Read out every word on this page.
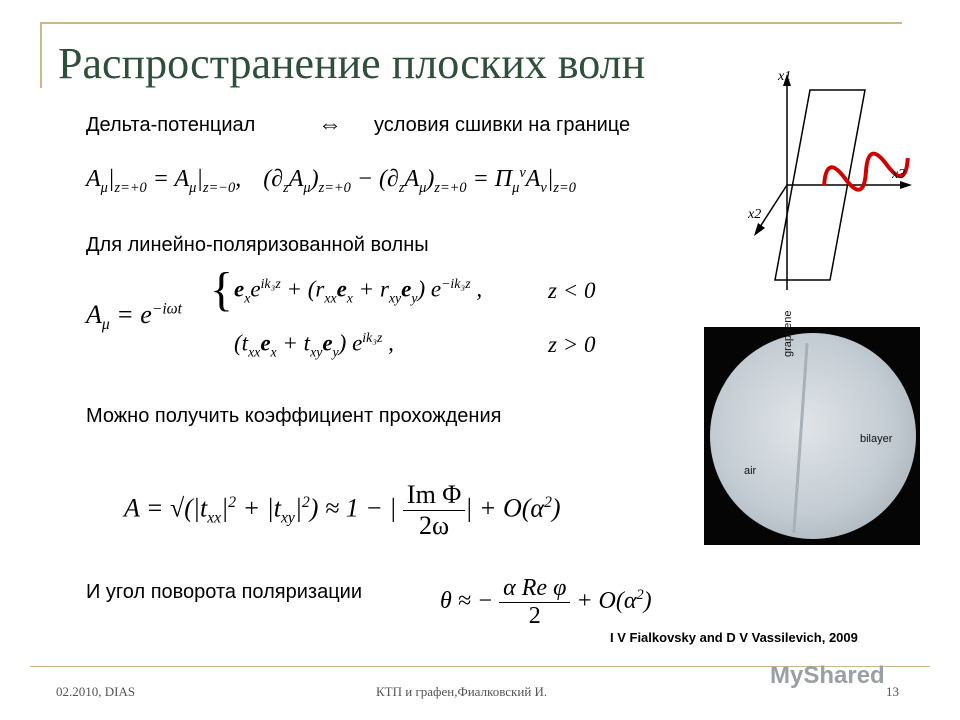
Распространение плоских волн
Дельта-потенциал	⇔ условия сшивки на границе
$A_\mu|_{z=+0} = A_\mu|_{z=-0}$, $(\partial_zA_\mu)_{z=+0} - (\partial_zA_\mu)_{z=+0} = \Pi_\mu^\nu A_\nu|_{z=0}$
Для линейно-поляризованной волны
$A_\mu = e^{-i\omega t}$ { $e_xe^{ik_3z} + (r_{xx}e_x + r_{xy}e_y)$ $e^{-ik_3z}$ ,	z < 0
$(t_{xx}e_x + t_{xy}e_y)$ $e^{ik_3z}$ ,	z > 0
Можно получить коэффициент прохождения
$A = √(|t_{xx}|^2 + |t_{xy}|^2) \approx 1$ − | $\frac{\text{Im Φ}}{2\omega}$ | + $O(\alpha^2)$
И угол поворота поляризации	θ ≈ − $\frac{\text{α Re φ}}{2} + O(\alpha^2)$
x1
x2
x3
graphene
bilayer
air
I V Fialkovsky and D V Vassilevich, 2009
02.2010, DIAS	КТП и графен,Фиалковский И.	13
MyShared
